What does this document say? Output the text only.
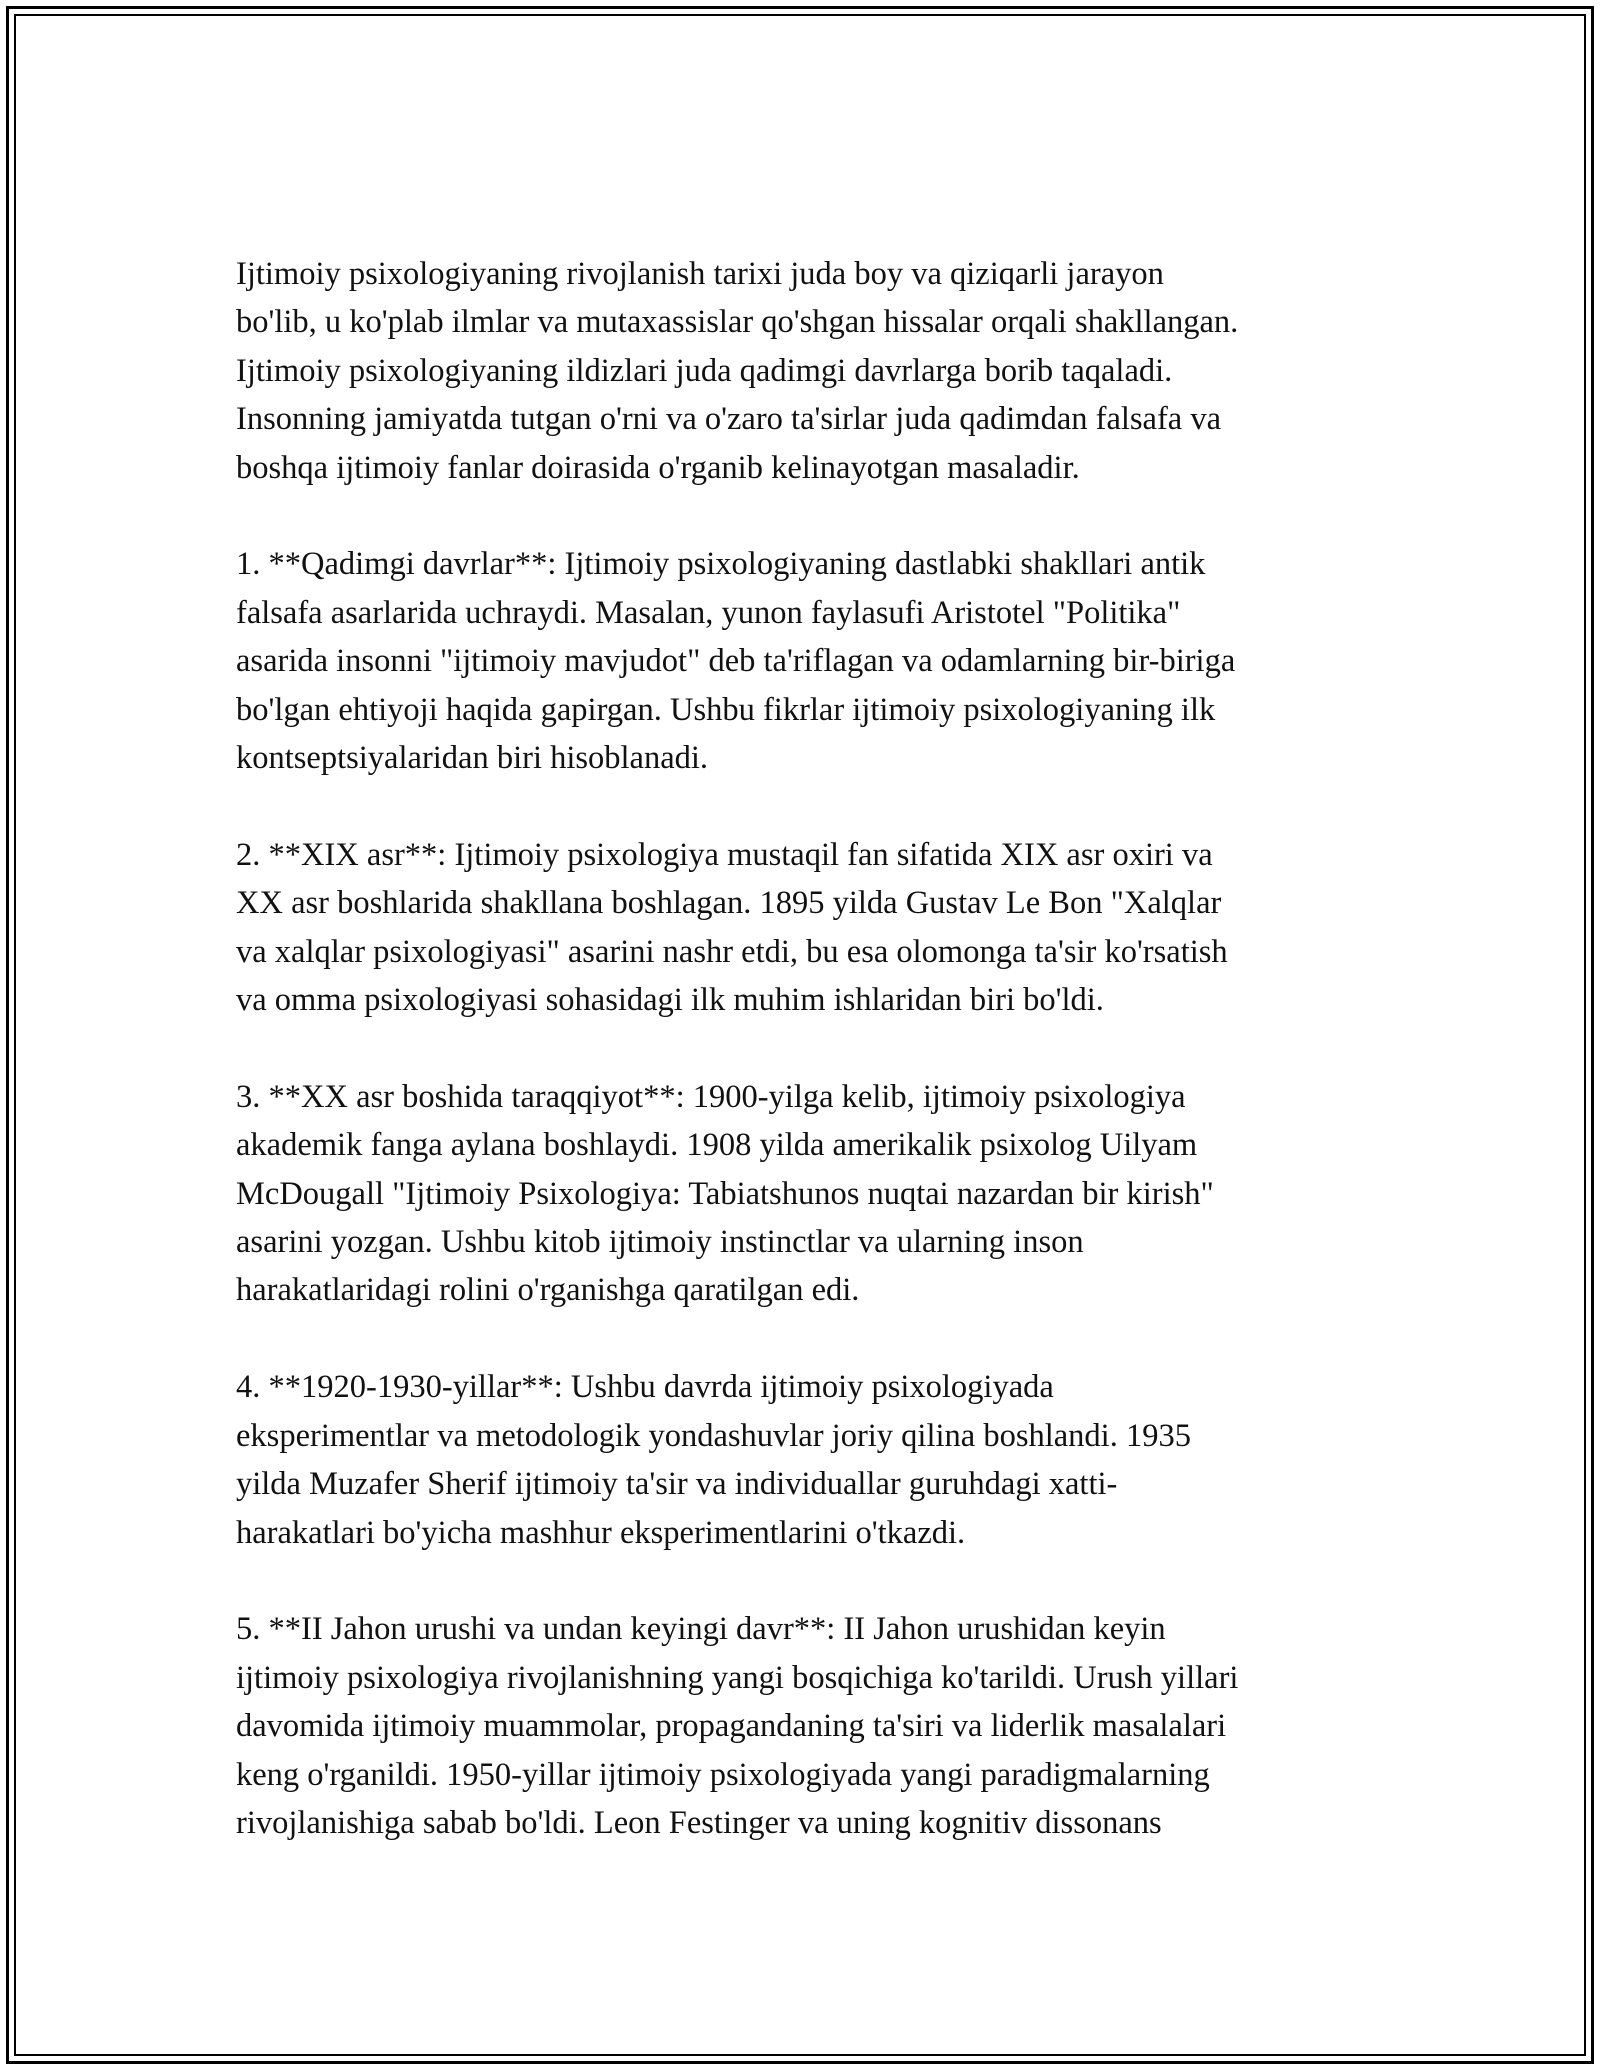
Ijtimoiy psixologiyaning rivojlanish tarixi juda boy va qiziqarli jarayon
bo'lib, u ko'plab ilmlar va mutaxassislar qo'shgan hissalar orqali shakllangan.
Ijtimoiy psixologiyaning ildizlari juda qadimgi davrlarga borib taqaladi.
Insonning jamiyatda tutgan o'rni va o'zaro ta'sirlar juda qadimdan falsafa va
boshqa ijtimoiy fanlar doirasida o'rganib kelinayotgan masaladir.

1. **Qadimgi davrlar**: Ijtimoiy psixologiyaning dastlabki shakllari antik
falsafa asarlarida uchraydi. Masalan, yunon faylasufi Aristotel "Politika"
asarida insonni "ijtimoiy mavjudot" deb ta'riflagan va odamlarning bir-biriga
bo'lgan ehtiyoji haqida gapirgan. Ushbu fikrlar ijtimoiy psixologiyaning ilk
kontseptsiyalaridan biri hisoblanadi.

2. **XIX asr**: Ijtimoiy psixologiya mustaqil fan sifatida XIX asr oxiri va
XX asr boshlarida shakllana boshlagan. 1895 yilda Gustav Le Bon "Xalqlar
va xalqlar psixologiyasi" asarini nashr etdi, bu esa olomonga ta'sir ko'rsatish
va omma psixologiyasi sohasidagi ilk muhim ishlaridan biri bo'ldi.

3. **XX asr boshida taraqqiyot**: 1900-yilga kelib, ijtimoiy psixologiya
akademik fanga aylana boshlaydi. 1908 yilda amerikalik psixolog Uilyam
McDougall "Ijtimoiy Psixologiya: Tabiatshunos nuqtai nazardan bir kirish"
asarini yozgan. Ushbu kitob ijtimoiy instinctlar va ularning inson
harakatlaridagi rolini o'rganishga qaratilgan edi.

4. **1920-1930-yillar**: Ushbu davrda ijtimoiy psixologiyada
eksperimentlar va metodologik yondashuvlar joriy qilina boshlandi. 1935
yilda Muzafer Sherif ijtimoiy ta'sir va individuallar guruhdagi xatti-
harakatlari bo'yicha mashhur eksperimentlarini o'tkazdi.

5. **II Jahon urushi va undan keyingi davr**: II Jahon urushidan keyin
ijtimoiy psixologiya rivojlanishning yangi bosqichiga ko'tarildi. Urush yillari
davomida ijtimoiy muammolar, propagandaning ta'siri va liderlik masalalari
keng o'rganildi. 1950-yillar ijtimoiy psixologiyada yangi paradigmalarning
rivojlanishiga sabab bo'ldi. Leon Festinger va uning kognitiv dissonans
